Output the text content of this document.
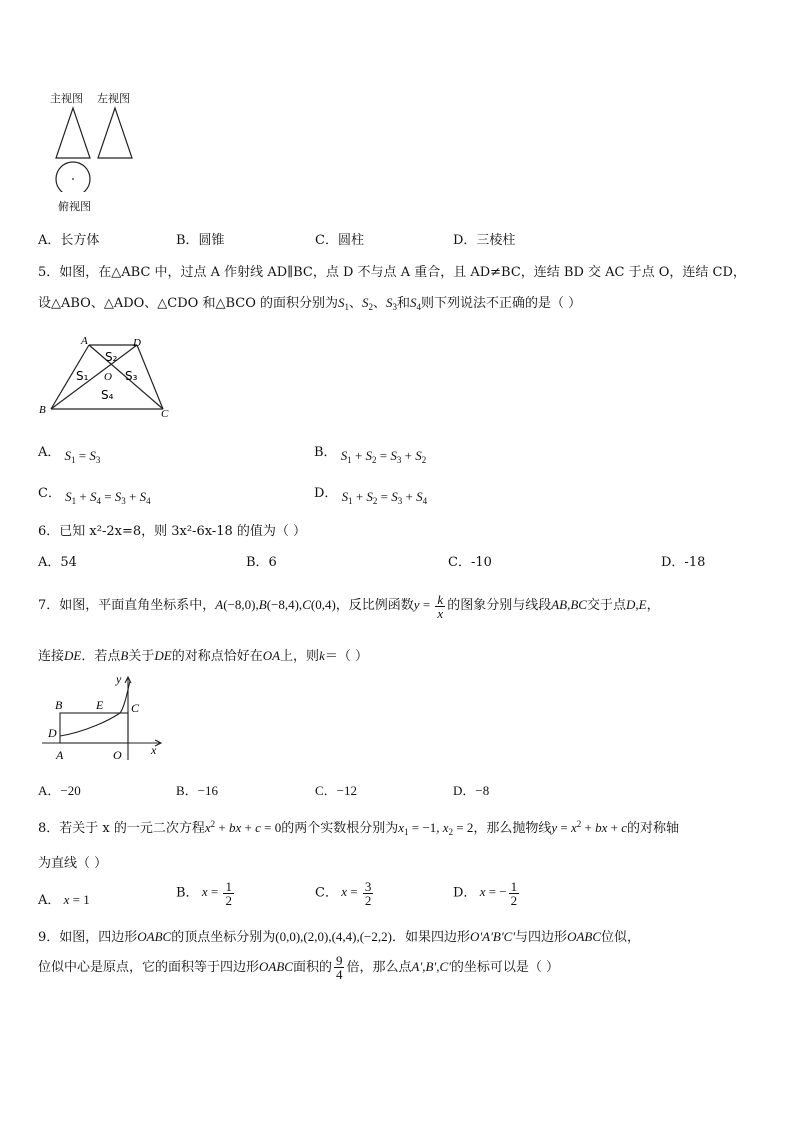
主视图 左视图
俯视图
A．长方体	B．圆锥	C．圆柱	D．三棱柱
5．如图，在△ABC 中，过点 A 作射线 AD∥BC，点 D 不与点 A 重合，且 AD≠BC，连结 BD 交 AC 于点 O，连结 CD，
设△ABO、△ADO、△CDO 和△BCO 的面积分别为$S_1$、$S_2$、$S_3$和$S_4$则下列说法不正确的是（ ）
A	D
B	C
O
S₁
S₂
S₃
S₄
A． $S_1 = S_3$	B． $S_1 + S_2 = S_3 + S_2$
C． $S_1 + S_4 = S_3 + S_4$	D． $S_1 + S_2 = S_3 + S_4$
6．已知 x²-2x=8，则 3x²-6x-18 的值为（ ）
A．54	B．6	C．-10	D．-18
7．如图，平面直角坐标系中，A(−8,0),B(−8,4),C(0,4)，反比例函数$y = \frac{k}{x}$ 的图象分别与线段AB,BC交于点D,E，
连接DE．若点B关于DE的对称点恰好在OA上，则k＝（ ）
y
x
B	E C
D
A	O
A．−20	B．−16	C．−12	D．−8
8．若关于 x 的一元二次方程$x^2$ + bx + c = 0的两个实数根分别为$x_1 = -1$, $x_2 = 2$，那么抛物线$y = x^2$ + bx + c的对称轴
为直线（ ）
A． x = 1	B． $x = \frac{1}{2}$	C． $x = \frac{3}{2}$	D． x = − $\frac{1}{2}$
9．如图，四边形OABC的顶点坐标分别为(0,0),(2,0),(4,4),(−2,2)．如果四边形O'A'B'C'与四边形OABC位似，
位似中心是原点，它的面积等于四边形OABC面积的 $\frac{9}{4}$ 倍，那么点A',B',C'的坐标可以是（ ）
